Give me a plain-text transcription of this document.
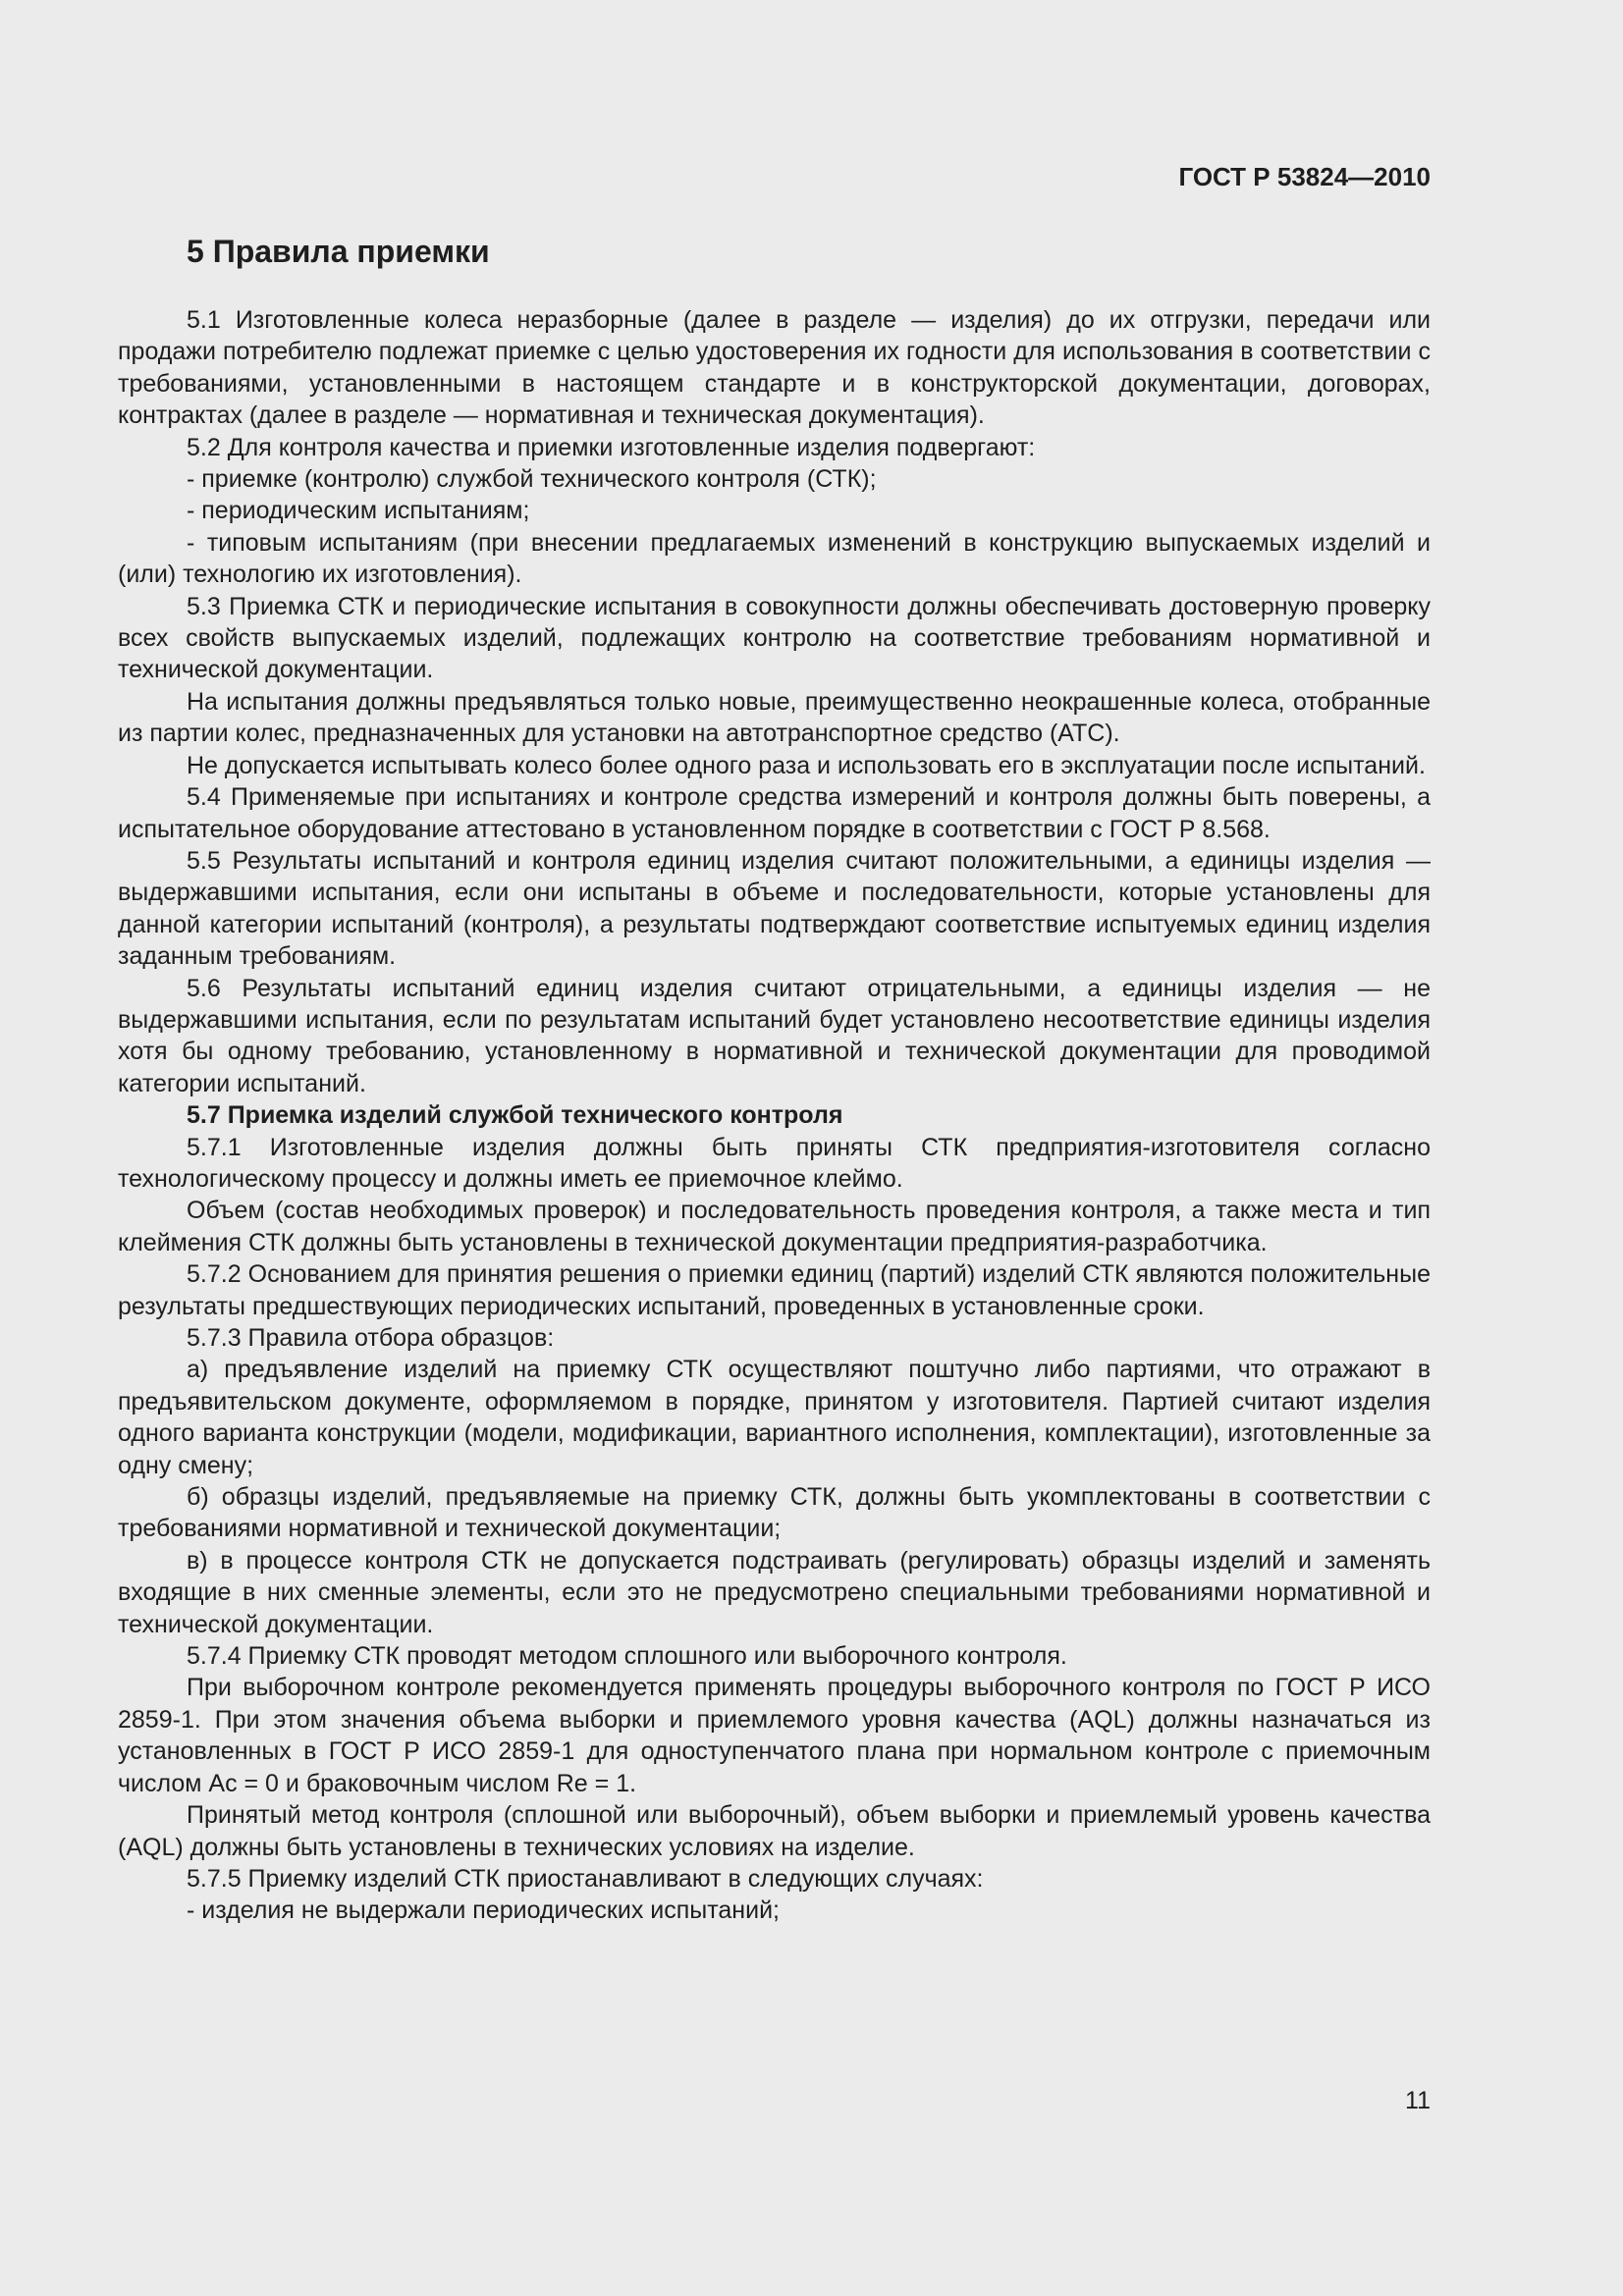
ГОСТ Р 53824—2010
5 Правила приемки

5.1 Изготовленные колеса неразборные (далее в разделе — изделия) до их отгрузки, передачи или продажи потребителю подлежат приемке с целью удостоверения их годности для использования в соответствии с требованиями, установленными в настоящем стандарте и в конструкторской документации, договорах, контрактах (далее в разделе — нормативная и техническая документация).

5.2 Для контроля качества и приемки изготовленные изделия подвергают:

- приемке (контролю) службой технического контроля (СТК);

- периодическим испытаниям;

- типовым испытаниям (при внесении предлагаемых изменений в конструкцию выпускаемых изделий и (или) технологию их изготовления).

5.3 Приемка СТК и периодические испытания в совокупности должны обеспечивать достоверную проверку всех свойств выпускаемых изделий, подлежащих контролю на соответствие требованиям нормативной и технической документации.

На испытания должны предъявляться только новые, преимущественно неокрашенные колеса, отобранные из партии колес, предназначенных для установки на автотранспортное средство (АТС).

Не допускается испытывать колесо более одного раза и использовать его в эксплуатации после испытаний.

5.4 Применяемые при испытаниях и контроле средства измерений и контроля должны быть поверены, а испытательное оборудование аттестовано в установленном порядке в соответствии с ГОСТ Р 8.568.

5.5 Результаты испытаний и контроля единиц изделия считают положительными, а единицы изделия — выдержавшими испытания, если они испытаны в объеме и последовательности, которые установлены для данной категории испытаний (контроля), а результаты подтверждают соответствие испытуемых единиц изделия заданным требованиям.

5.6 Результаты испытаний единиц изделия считают отрицательными, а единицы изделия — не выдержавшими испытания, если по результатам испытаний будет установлено несоответствие единицы изделия хотя бы одному требованию, установленному в нормативной и технической документации для проводимой категории испытаний.

5.7 Приемка изделий службой технического контроля

5.7.1 Изготовленные изделия должны быть приняты СТК предприятия-изготовителя согласно технологическому процессу и должны иметь ее приемочное клеймо.

Объем (состав необходимых проверок) и последовательность проведения контроля, а также места и тип клеймения СТК должны быть установлены в технической документации предприятия-разработчика.

5.7.2 Основанием для принятия решения о приемки единиц (партий) изделий СТК являются положительные результаты предшествующих периодических испытаний, проведенных в установленные сроки.

5.7.3 Правила отбора образцов:

а) предъявление изделий на приемку СТК осуществляют поштучно либо партиями, что отражают в предъявительском документе, оформляемом в порядке, принятом у изготовителя. Партией считают изделия одного варианта конструкции (модели, модификации, вариантного исполнения, комплектации), изготовленные за одну смену;

б) образцы изделий, предъявляемые на приемку СТК, должны быть укомплектованы в соответствии с требованиями нормативной и технической документации;

в) в процессе контроля СТК не допускается подстраивать (регулировать) образцы изделий и заменять входящие в них сменные элементы, если это не предусмотрено специальными требованиями нормативной и технической документации.

5.7.4 Приемку СТК проводят методом сплошного или выборочного контроля.

При выборочном контроле рекомендуется применять процедуры выборочного контроля по ГОСТ Р ИСО 2859-1. При этом значения объема выборки и приемлемого уровня качества (AQL) должны назначаться из установленных в ГОСТ Р ИСО 2859-1 для одноступенчатого плана при нормальном контроле с приемочным числом Ac = 0 и браковочным числом Re = 1.

Принятый метод контроля (сплошной или выборочный), объем выборки и приемлемый уровень качества (AQL) должны быть установлены в технических условиях на изделие.

5.7.5 Приемку изделий СТК приостанавливают в следующих случаях:

- изделия не выдержали периодических испытаний;

11
